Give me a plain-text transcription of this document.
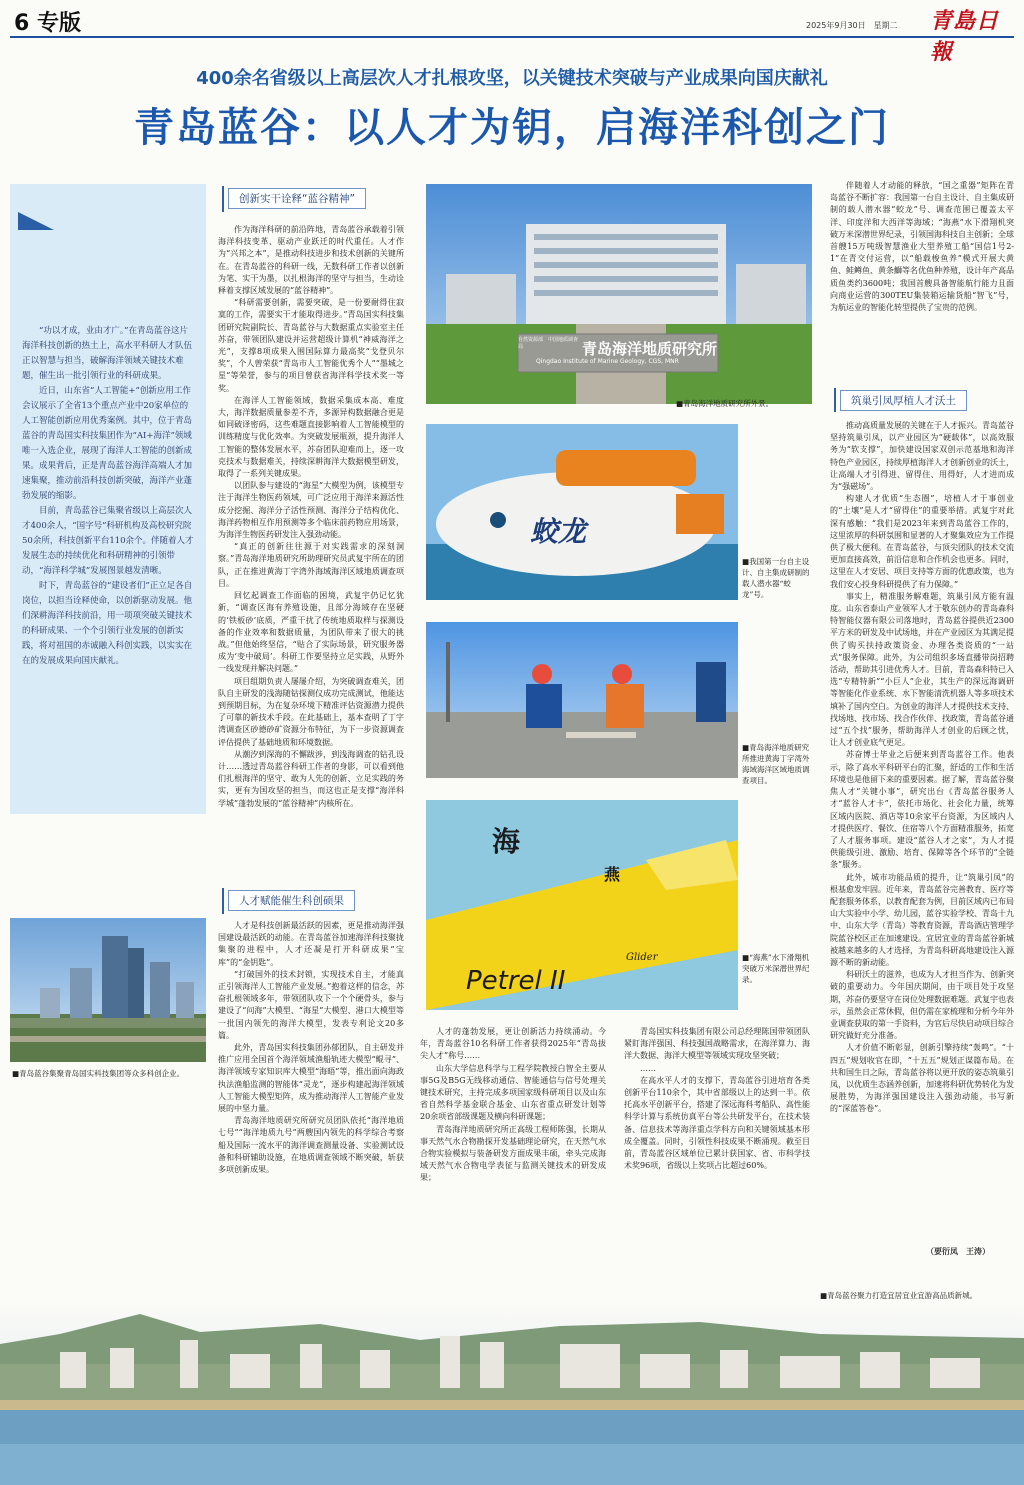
6 专版	2025年9月30日　星期二 青島日報
400余名省级以上高层次人才扎根攻坚，以关键技术突破与产业成果向国庆献礼
青岛蓝谷：以人才为钥，启海洋科创之门

“功以才成，业由才广。”在青岛蓝谷这片海洋科技创新的热土上，高水平科研人才队伍正以智慧与担当，破解海洋领域关键技术难题，催生出一批引领行业的科研成果。

近日，山东省“人工智能+”创新应用工作会议展示了全省13个重点产业中20家单位的人工智能创新应用优秀案例。其中，位于青岛蓝谷的青岛国实科技集团作为“AI+海洋”领域唯一入选企业，展现了海洋人工智能的创新成果。成果背后，正是青岛蓝谷海洋高端人才加速集聚，推动前沿科技创新突破，海洋产业蓬勃发展的缩影。

目前，青岛蓝谷已集聚省级以上高层次人才400余人，“国字号”科研机构及高校研究院50余所，科技创新平台110余个。伴随着人才发展生态的持续优化和科研精神的引领带动，“海洋科学城”发展图景越发清晰。

时下，青岛蓝谷的“建设者们”正立足各自岗位，以担当诠释使命，以创新驱动发展。他们深耕海洋科技前沿，用一项项突破关键技术的科研成果、一个个引领行业发展的创新实践，将对祖国的赤诚融入科创实践，以实实在在的发展成果向国庆献礼。

■青岛蓝谷集聚青岛国实科技集团等众多科创企业。
创新实干诠释“蓝谷精神”

作为海洋科研的前沿阵地，青岛蓝谷承载着引领海洋科技变革、驱动产业跃迁的时代重任。人才作为“兴邦之本”，是推动科技进步和技术创新的关键所在。在青岛蓝谷的科研一线，无数科研工作者以创新为笔、实干为墨，以扎根海洋的坚守与担当，生动诠释着支撑区域发展的“蓝谷精神”。

“科研需要创新，需要突破，是一份要耐得住寂寞的工作，需要实干才能取得进步。”青岛国实科技集团研究院副院长、青岛蓝谷与大数据重点实验室主任苏奋，带领团队建设并运营超级计算机“神威海洋之光”，支撑8项成果入围国际算力最高奖“戈登贝尔奖”，个人曾荣获“青岛市人工智能优秀个人”“墨城之星”等荣誉，参与的项目曾获省海洋科学技术奖一等奖。

在海洋人工智能领域，数据采集成本高、难度大，海洋数据质量参差不齐，多源异构数据融合更是如同破译密码，这些难题直接影响着人工智能模型的训练精度与优化效率。为突破发展瓶颈，提升海洋人工智能的整体发展水平，苏奋团队迎难而上，逐一攻克技术与数据难关，持续深耕海洋大数据模型研发，取得了一系列关键成果。

以团队参与建设的“海星”大模型为例，该模型专注于海洋生物医药领域，可广泛应用于海洋来源活性成分挖掘、海洋分子活性预测、海洋分子结构优化、海洋药物相互作用预测等多个临床前药物应用场景，为海洋生物医药研发注入强劲动能。

“真正的创新往往源于对实践需求的深刻洞察。”青岛海洋地质研究所助理研究员武复宇所在的团队，正在推进黄海丁字湾外海域海洋区域地质调查项目。

回忆起调查工作面临的困境，武复宇仍记忆犹新，“调查区海有养殖设施，且部分海域存在坚硬的‘铁板砂’底质，严重干扰了传统地质取样与探测设备的作业效率和数据质量，为团队带来了很大的挑战。”但他始终坚信，“贴合了实际场景，研究服务器成为‘变中破局’。科研工作要坚持立足实践，从野外一线发现并解决问题。”

项目组期负责人屡屡介绍，为突破调查难关，团队自主研发的浅海随钻探测仪成功完成测试，他能达到预期目标，为在复杂环境下精准评估资源潜力提供了可靠的新技术手段。在此基础上，基本查明了丁字湾调查区砂德砂矿资源分布特征，为下一步资源调查评估提供了基础地质和环境数据。

从潮汐到深海的不懈跋涉，到浅海调查的钻孔设计……透过青岛蓝谷科研工作者的身影，可以看到他们扎根海洋的坚守、敢为人先的创新、立足实践的务实，更有为国攻坚的担当，而这也正是支撑“海洋科学城”蓬勃发展的“蓝谷精神”内核所在。

人才赋能催生科创硕果

人才是科技创新最活跃的因素，更是推动海洋强国建设最活跃的动能。在青岛蓝谷加速海洋科技聚拢集聚的进程中，人才还凝是打开科研成果“宝库”的“金钥匙”。

“打破国外的技术封锁，实现技术自主，才能真正引领海洋人工智能产业发展。”抱着这样的信念，苏奋扎根领域多年，带领团队攻下一个个硬骨头，参与建设了“问海”大模型、“海星”大模型、港口大模型等一批国内领先的海洋大模型，发表专利论文20多篇。

此外，青岛国实科技集团孙郁团队，自主研发并推广应用全国首个海洋领域渔船轨迹大模型“鲲寻”、海洋领域专家知识库大模型“海晤”等，推出面向海政执法渔船监测的智能体“灵龙”，逐步构建起海洋领域人工智能大模型矩阵，成为推动海洋人工智能产业发展的中坚力量。

青岛海洋地质研究所研究员团队依托“海洋地质七号”“海洋地质九号”两艘国内领先的科学综合考察船及国际一流水平的海洋调查测量设备、实验测试设备和科研辅助设施，在地质调查领域不断突破，斩获多项创新成果。

自然资源部　中国地质调查局	青岛海洋地质研究所
Qingdao Institute of Marine Geology, CGS, MNR
■青岛海洋地质研究所外景。
蛟龙
■我国第一台自主设计、自主集成研制的载人潜水器“蛟龙”号。
■青岛海洋地质研究所推进黄海丁字湾外海域海洋区域地质调查项目。
海
燕
Petrel II
Glider	■“海燕”水下滑翔机突破万米深潜世界纪录。

人才的蓬勃发展，更让创新活力持续涌动。今年，青岛蓝谷10名科研工作者获得2025年“青岛拔尖人才”称号……

山东大学信息科学与工程学院教授白智全主要从事5G及B5G无线移动通信、智能通信与信号处理关键技术研究，主持完成多项国家级科研项目以及山东省自然科学基金联合基金、山东省重点研发计划等20余项省部级课题及横向科研课题；

青岛海洋地质研究所正高级工程师陈强，长期从事天然气水合物勘探开发基础理论研究，在天然气水合物实验模拟与装备研发方面成果丰硕，牵头完成海域天然气水合物电学表征与监测关键技术的研发成果；

青岛国实科技集团有限公司总经理陈国带领团队紧盯海洋强国、科技强国战略需求，在海洋算力、海洋大数据、海洋大模型等领域实现攻坚突破；

……

在高水平人才的支撑下，青岛蓝谷引进培育各类创新平台110余个，其中省部级以上的达到一半。依托高水平创新平台，搭建了深远海科考船队、高性能科学计算与系统仿真平台等公共研发平台，在技术装备、信息技术等海洋重点学科方向和关键领域基本形成全覆盖。同时，引领性科技成果不断涌现。截至目前，青岛蓝谷区域单位已累计获国家、省、市科学技术奖96项，省级以上奖项占比超过60%。

伴随着人才动能的释放，“国之重器”矩阵在青岛蓝谷不断扩容：我国第一台自主设计、自主集成研制的载人潜水器“蛟龙”号、调查范围已覆盖太平洋、印度洋和大西洋等海域；“海燕”水下滑翔机突破万米深潜世界纪录，引领国海科技自主创新；全球首艘15万吨级智慧渔业大型养殖工船“国信1号2-1”在青交付运营，以“船载梭鱼养”模式开展大黄鱼、鲑鳟鱼、黄条鰤等名优鱼种养殖，设计年产高品质鱼类约3600吨；我国首艘具备智能航行能力且面向商业运营的300TEU集装箱运输货船“智飞”号，为航运业的智能化转型提供了宝贵的范例。

筑巢引凤厚植人才沃土

推动高质量发展的关键在于人才振兴。青岛蓝谷坚持筑巢引凤，以产业园区为“硬载体”，以高效服务为“软支撑”，加快建设国家双创示范基地和海洋特色产业园区，持续厚植海洋人才创新创业的沃土，让高端人才引得进、留得住、用得好，人才进而成为“强磁场”。

构建人才优质“生态圈”，培植人才于事创业的“土壤”是人才“留得住”的重要举措。武复宇对此深有感触：“我们是2023年来到青岛蓝谷工作的，这里浓厚的科研氛围和显著的人才聚集效应为工作提供了极大便利。在青岛蓝谷，与顶尖团队的技术交流更加直接高效，前沿信息和合作机会也更多。同时，这里在人才安居、项目支持等方面的优惠政策，也为我们安心投身科研提供了有力保障。”

事实上，精准服务解难题，筑巢引凤方能有温度。山东省泰山产业领军人才于敬东创办的青岛森科特智能仪器有限公司落地时，青岛蓝谷提供近2300平方米的研发及中试场地，并在产业园区为其满足提供了购买扶持政策资金、办理各类资质的“一站式”服务保障。此外，为公司组织多场直播带岗招聘活动，帮助其引进优秀人才。目前，青岛森科特已入选“专精特新”“小巨人”企业，其生产的深远海调研等智能化作业系统、水下智能清洗机器人等多项技术填补了国内空白。为创业的海洋人才提供技术支持、找场地、找市场、找合作伙伴、找政策，青岛蓝谷通过“五个找”服务，帮助海洋人才创业的后顾之忧，让人才创业底气更足。

苏奋博士毕业之后便来到青岛蓝谷工作。他表示，除了高水平科研平台的汇聚，舒适的工作和生活环境也是他留下来的重要因素。据了解，青岛蓝谷聚焦人才“关键小事”，研究出台《青岛蓝谷服务人才“蓝谷人才卡”，依托市场化、社会化力量，统筹区域内医院、酒店等10余家平台资源，为区域内人才提供医疗、餐饮、住宿等八个方面精准服务，拓宽了人才服务事项。建设“蓝谷人才之家”，为人才提供能级引进、激励、培育、保障等各个环节的“全链条”服务。

此外，城市功能品质的提升，让“筑巢引凤”的根基愈发牢固。近年来，青岛蓝谷完善教育、医疗等配套服务体系，以教育配套为例，目前区域内已布局山大实验中小学、幼儿园，蓝谷实验学校、青岛十九中、山东大学（青岛）等教育资源，青岛酒店管理学院蓝谷校区正在加速建设。宜居宜业的青岛蓝谷新城被越来越多的人才选择，为青岛科研高地建设注入源源不断的新动能。

科研沃土的滋养，也成为人才担当作为、创新突破的重要动力。今年国庆期间，由于项目处于攻坚期，苏奋仍要坚守在岗位处理数据难题。武复宇也表示，虽然会正常休假，但仍需在家梳理和分析今年外业调查获取的第一手资料，为官后尽快启动项目综合研究做好充分准备。

人才价值不断彰显，创新引擎持续“轰鸣”。“十四五”规划收官在即，“十五五”规划正谋篇布局。在共和国生日之际，青岛蓝谷将以更开放的姿态筑巢引凤，以优质生态涵养创新，加速将科研优势转化为发展胜势，为海洋强国建设注入强劲动能，书写新的“深蓝答卷”。

（要衍凤　王涛）
■青岛蓝谷聚力打造宜居宜业宜游高品质新城。
